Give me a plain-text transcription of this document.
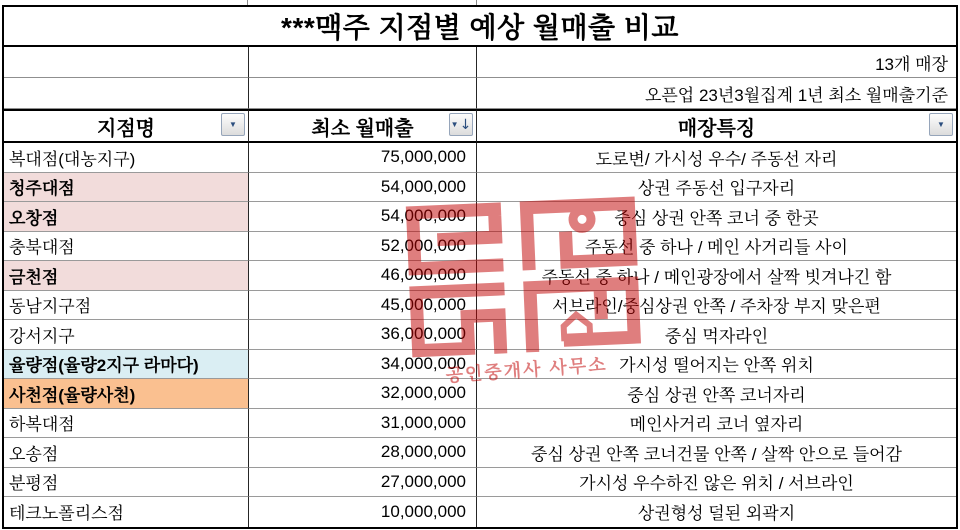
***맥주 지점별 예상 월매출 비교
13개 매장
오픈업 23년3월집계 1년 최소 월매출기준
지점명	▼	최소 월매출	▼ ↓	매장특징	▼
복대점(대농지구)	75,000,000	도로변/ 가시성 우수/ 주동선 자리
청주대점	54,000,000	상권 주동선 입구자리
오창점	54,000,000	중심 상권 안쪽 코너 중 한곳
충북대점	52,000,000	주동선 중 하나 / 메인 사거리들 사이
금천점	46,000,000	주동선 중 하나 / 메인광장에서 살짝 빗겨나긴 함
동남지구점	45,000,000	서브라인/중심상권 안쪽 / 주차장 부지 맞은편
강서지구	36,000,000	중심 먹자라인
율량점(율량2지구 라마다)	34,000,000	가시성 떨어지는 안쪽 위치
사천점(율량사천)	32,000,000	중심 상권 안쪽 코너자리
하복대점	31,000,000	메인사거리 코너 옆자리
오송점	28,000,000	중심 상권 안쪽 코너건물 안쪽 / 살짝 안으로 들어감
분평점	27,000,000	가시성 우수하진 않은 위치 / 서브라인
테크노폴리스점	10,000,000	상권형성 덜된 외곽지
공인중개사 사무소
